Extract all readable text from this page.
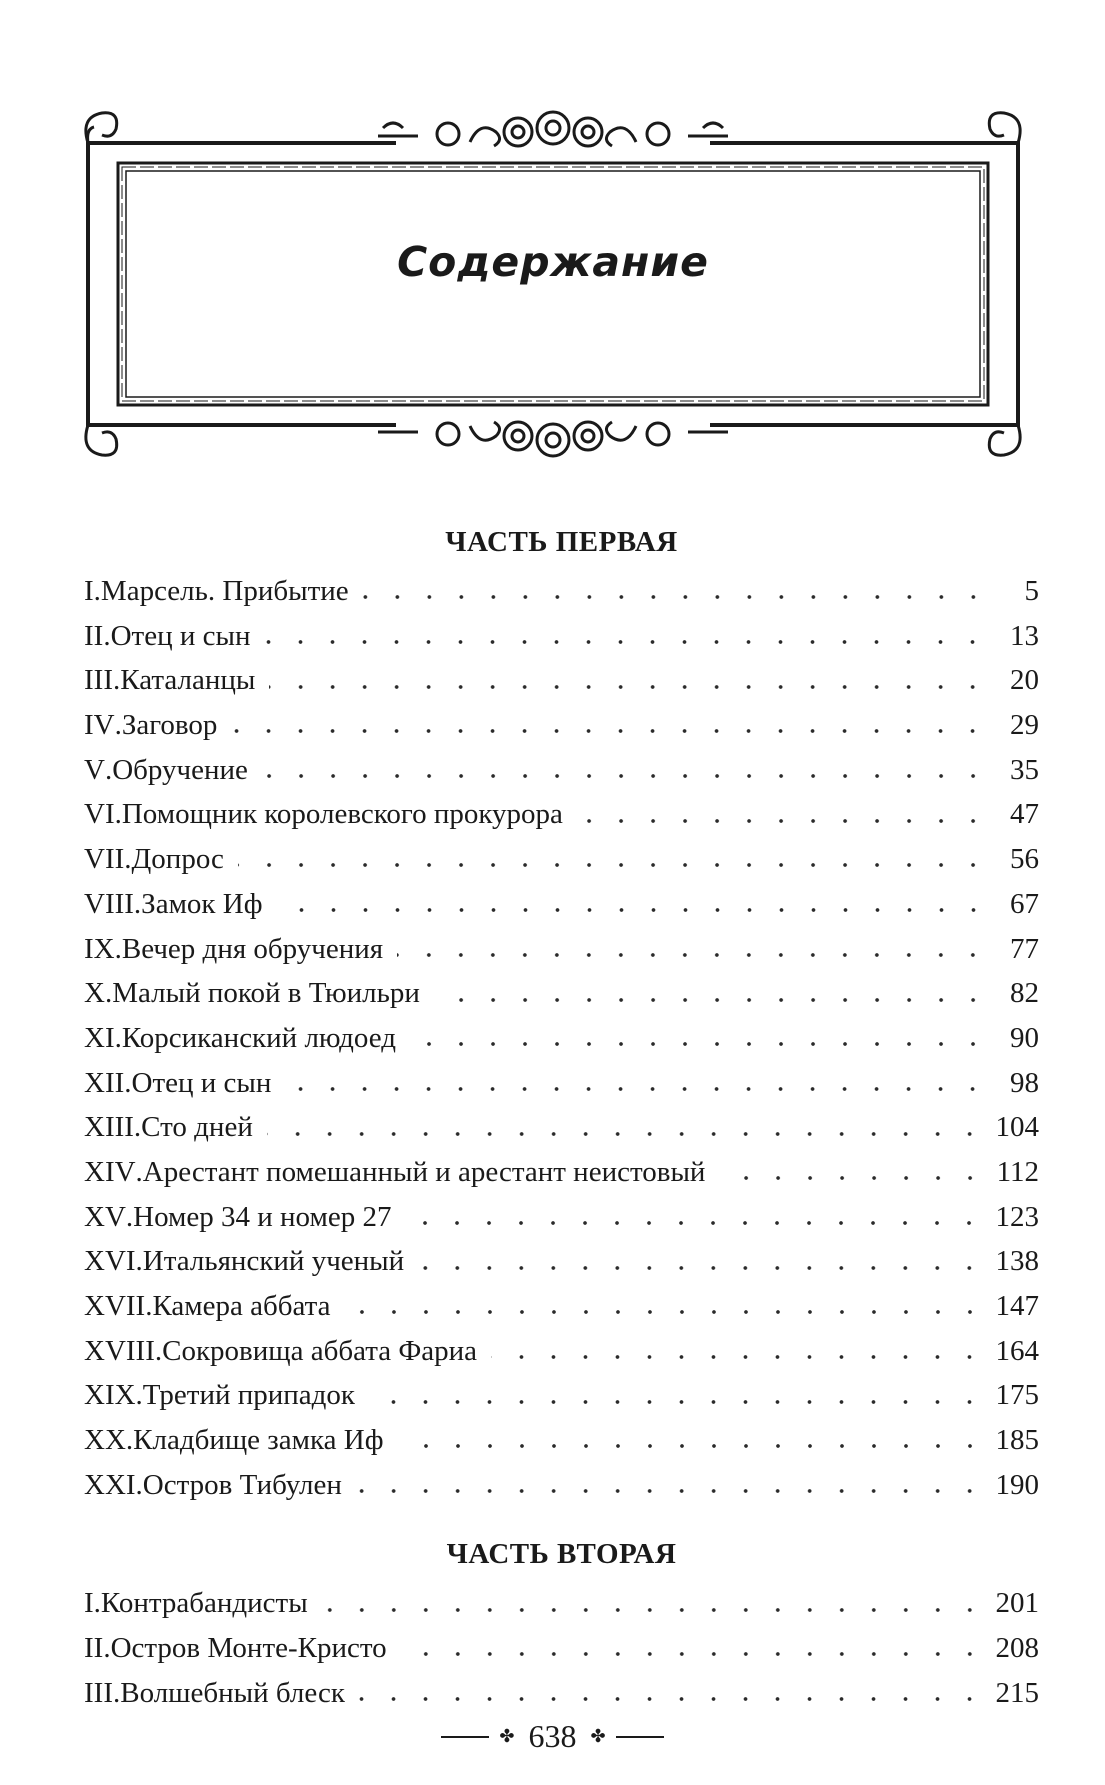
Содержание
ЧАСТЬ ПЕРВАЯ
I . Марсель. Прибытие	5
II . Отец и сын	13
III . Каталанцы	20
IV . Заговор	29
V . Обручение	35
VI . Помощник королевского прокурора	47
VII . Допрос	56
VIII . Замок Иф	67
IX . Вечер дня обручения	77
X . Малый покой в Тюильри	82
XI . Корсиканский людоед	90
XII . Отец и сын	98
XIII . Сто дней	104
XIV . Арестант помешанный и арестант неистовый	112
XV . Номер 34 и номер 27	123
XVI . Итальянский ученый	138
XVII . Камера аббата	147
XVIII . Сокровища аббата Фариа	164
XIX . Третий припадок	175
XX . Кладбище замка Иф	185
XXI . Остров Тибулен	190
ЧАСТЬ ВТОРАЯ
I . Контрабандисты	201
II . Остров Монте-Кристо	208
III . Волшебный блеск	215
✤ 638 ✤
